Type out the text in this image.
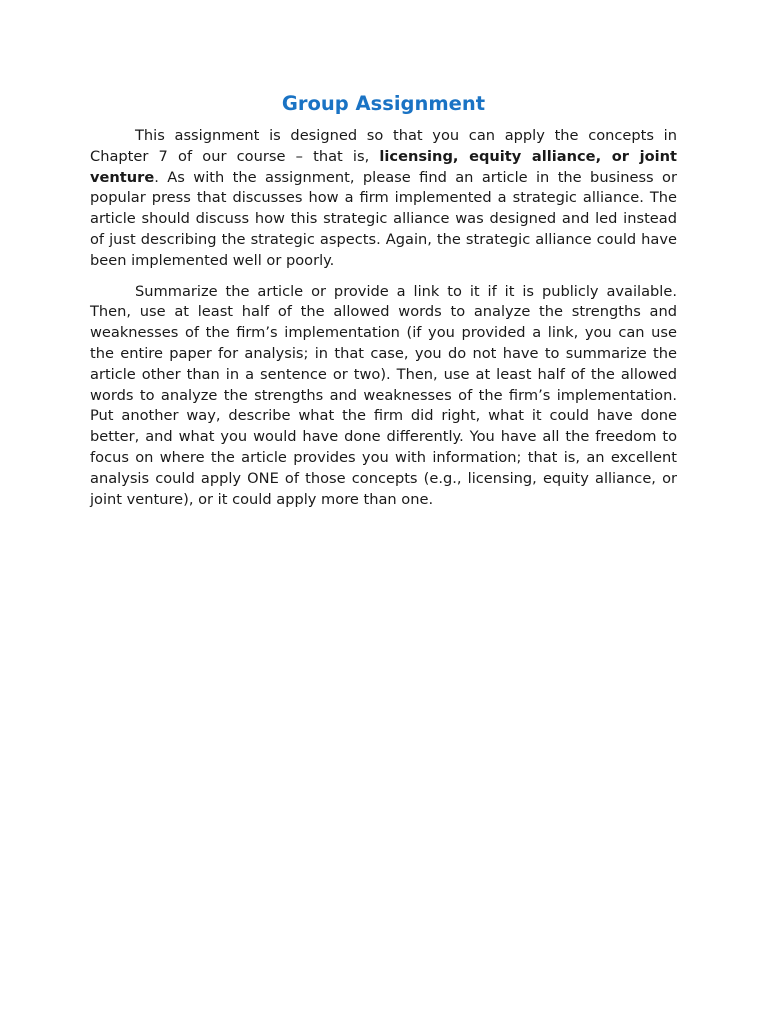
Group Assignment

This assignment is designed so that you can apply the concepts in Chapter 7 of our course – that is, licensing, equity alliance, or joint venture. As with the assignment, please find an article in the business or popular press that discusses how a firm implemented a strategic alliance. The article should discuss how this strategic alliance was designed and led instead of just describing the strategic aspects. Again, the strategic alliance could have been implemented well or poorly.

Summarize the article or provide a link to it if it is publicly available. Then, use at least half of the allowed words to analyze the strengths and weaknesses of the firm’s implementation (if you provided a link, you can use the entire paper for analysis; in that case, you do not have to summarize the article other than in a sentence or two). Then, use at least half of the allowed words to analyze the strengths and weaknesses of the firm’s implementation. Put another way, describe what the firm did right, what it could have done better, and what you would have done differently. You have all the freedom to focus on where the article provides you with information; that is, an excellent analysis could apply ONE of those concepts (e.g., licensing, equity alliance, or joint venture), or it could apply more than one.
